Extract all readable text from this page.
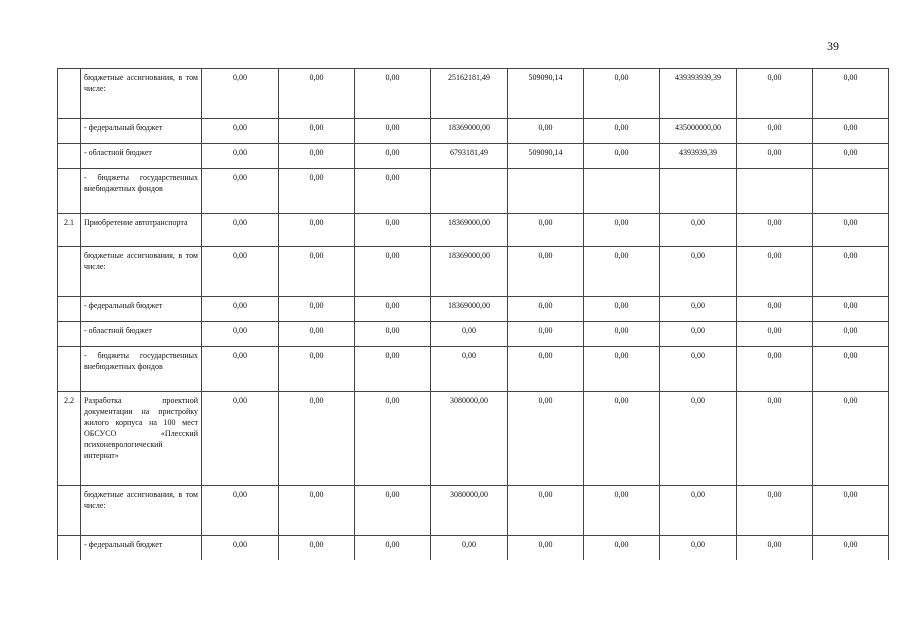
39
	бюджетные ассигнования, в том числе:	0,00	0,00	0,00	25162181,49	509090,14	0,00	439393939,39	0,00	0,00
	- федеральный бюджет	0,00	0,00	0,00	18369000,00	0,00	0,00	435000000,00	0,00	0,00
	- областной бюджет	0,00	0,00	0,00	6793181,49	509090,14	0,00	4393939,39	0,00	0,00
	- бюджеты государственных внебюджетных фондов	0,00	0,00	0,00						
2.1	Приобретение автотранспорта	0,00	0,00	0,00	18369000,00	0,00	0,00	0,00	0,00	0,00
	бюджетные ассигнования, в том числе:	0,00	0,00	0,00	18369000,00	0,00	0,00	0,00	0,00	0,00
	- федеральный бюджет	0,00	0,00	0,00	18369000,00	0,00	0,00	0,00	0,00	0,00
	- областной бюджет	0,00	0,00	0,00	0,00	0,00	0,00	0,00	0,00	0,00
	- бюджеты государственных внебюджетных фондов	0,00	0,00	0,00	0,00	0,00	0,00	0,00	0,00	0,00
2.2	Разработка проектной документации на пристройку жилого корпуса на 100 мест ОБСУСО «Плесский психоневрологический интернат»	0,00	0,00	0,00	3080000,00	0,00	0,00	0,00	0,00	0,00
	бюджетные ассигнования, в том числе:	0,00	0,00	0,00	3080000,00	0,00	0,00	0,00	0,00	0,00
	- федеральный бюджет	0,00	0,00	0,00	0,00	0,00	0,00	0,00	0,00	0,00
